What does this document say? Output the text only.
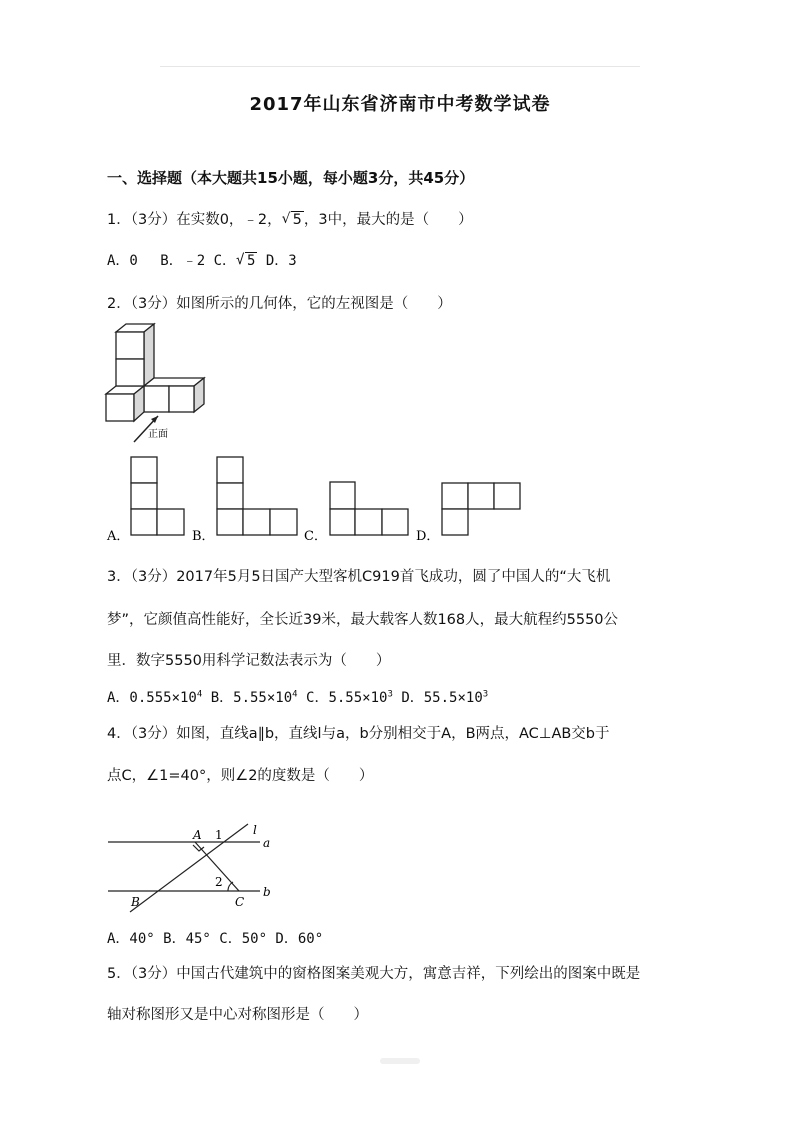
2017年山东省济南市中考数学试卷
一、选择题（本大题共15小题，每小题3分，共45分）
1．（3分）在实数0，﹣2， √ 5 ，3中，最大的是（　　）
A．0　 B．﹣2 C． √ 5 D．3
2．（3分）如图所示的几何体，它的左视图是（　　）
正面
A．	B．	C．	D．
3．（3分）2017年5月5日国产大型客机C919首飞成功，圆了中国人的“大飞机
梦”，它颜值高性能好，全长近39米，最大载客人数168人，最大航程约5550公
里．数字5550用科学记数法表示为（　　）
A．$0.555\times 10^4$ B．$5.55\times 10^4$ C．$5.55\times 10^3$ D．$55.5\times 10^3$
4．（3分）如图，直线a∥b，直线l与a，b分别相交于A，B两点，AC⊥AB交b于
点C，∠1=40°，则∠2的度数是（　　）
l
A
a
b
B	C
1
2
A．40° B．45° C．50° D．60°
5．（3分）中国古代建筑中的窗格图案美观大方，寓意吉祥，下列绘出的图案中既是
轴对称图形又是中心对称图形是（　　）
